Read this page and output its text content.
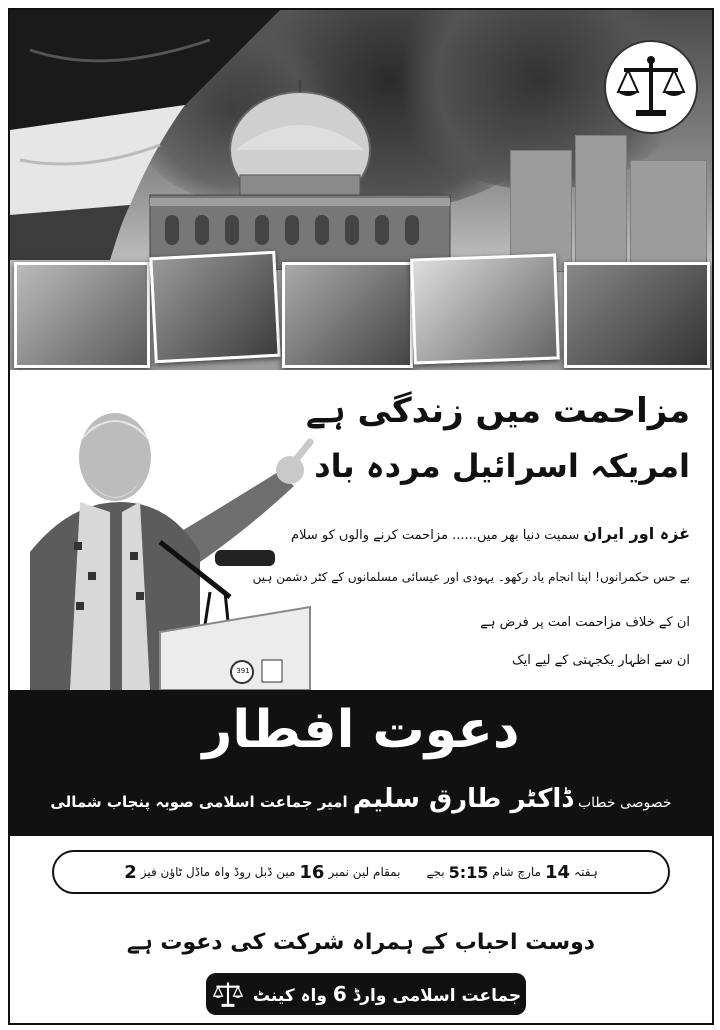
391
مزاحمت میں زندگی ہے
امریکہ اسرائیل مردہ باد
غزہ اور ایران سمیت دنیا بھر میں...... مزاحمت کرنے والوں کو سلام
بے حس حکمرانوں! اپنا انجام یاد رکھو۔ یہودی اور عیسائی مسلمانوں کے کٹر دشمن ہیں
ان کے خلاف مزاحمت امت پر فرض ہے
ان سے اظہار یکجہتی کے لیے ایک
دعوت افطار
خصوصی خطاب ڈاکٹر طارق سلیم امیر جماعت اسلامی صوبہ پنجاب شمالی
ہفتہ
14
مارچ شام
5:15
بجے
بمقام لین نمبر
16
مین ڈبل روڈ واہ ماڈل ٹاؤن فیز
2
دوست احباب کے ہمراہ شرکت کی دعوت ہے
جماعت اسلامی وارڈ 6 واہ کینٹ
